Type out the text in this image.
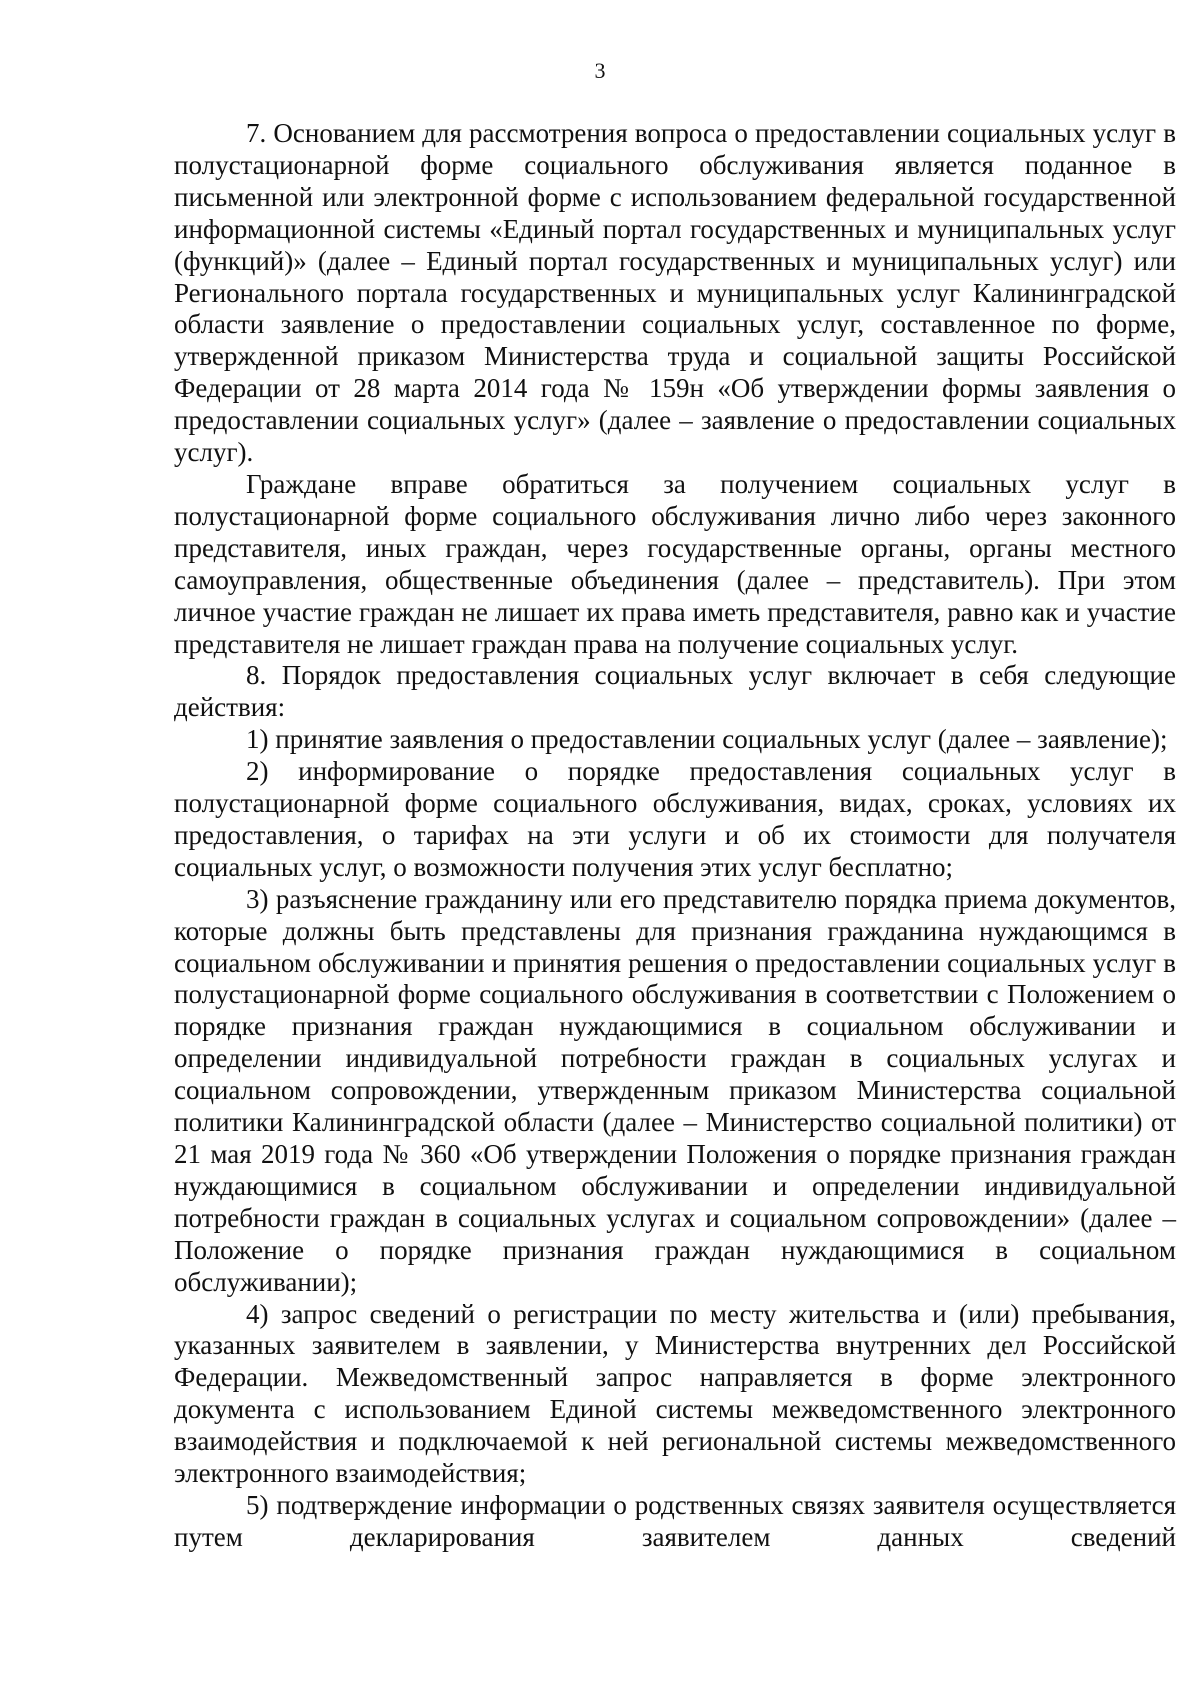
3

7. Основанием для рассмотрения вопроса о предоставлении социальных услуг в полустационарной форме социального обслуживания является поданное в письменной или электронной форме с использованием федеральной государственной информационной системы «Единый портал государственных и муниципальных услуг (функций)» (далее – Единый портал государственных и муниципальных услуг) или Регионального портала государственных и муниципальных услуг Калининградской области заявление о предоставлении социальных услуг, составленное по форме, утвержденной приказом Министерства труда и социальной защиты Российской Федерации от 28 марта 2014 года № 159н «Об утверждении формы заявления о предоставлении социальных услуг» (далее – заявление о предоставлении социальных услуг).

Граждане вправе обратиться за получением социальных услуг в полустационарной форме социального обслуживания лично либо через законного представителя, иных граждан, через государственные органы, органы местного самоуправления, общественные объединения (далее – представитель). При этом личное участие граждан не лишает их права иметь представителя, равно как и участие представителя не лишает граждан права на получение социальных услуг.

8. Порядок предоставления социальных услуг включает в себя следующие действия:

1) принятие заявления о предоставлении социальных услуг (далее – заявление);

2) информирование о порядке предоставления социальных услуг в полустационарной форме социального обслуживания, видах, сроках, условиях их предоставления, о тарифах на эти услуги и об их стоимости для получателя социальных услуг, о возможности получения этих услуг бесплатно;

3) разъяснение гражданину или его представителю порядка приема документов, которые должны быть представлены для признания гражданина нуждающимся в социальном обслуживании и принятия решения о предоставлении социальных услуг в полустационарной форме социального обслуживания в соответствии с Положением о порядке признания граждан нуждающимися в социальном обслуживании и определении индивидуальной потребности граждан в социальных услугах и социальном сопровождении, утвержденным приказом Министерства социальной политики Калининградской области (далее – Министерство социальной политики) от 21 мая 2019 года № 360 «Об утверждении Положения о порядке признания граждан нуждающимися в социальном обслуживании и определении индивидуальной потребности граждан в социальных услугах и социальном сопровождении» (далее – Положение о порядке признания граждан нуждающимися в социальном обслуживании);

4) запрос сведений о регистрации по месту жительства и (или) пребывания, указанных заявителем в заявлении, у Министерства внутренних дел Российской Федерации. Межведомственный запрос направляется в форме электронного документа с использованием Единой системы межведомственного электронного взаимодействия и подключаемой к ней региональной системы межведомственного электронного взаимодействия;

5) подтверждение информации о родственных связях заявителя осуществляется путем декларирования заявителем данных сведений
